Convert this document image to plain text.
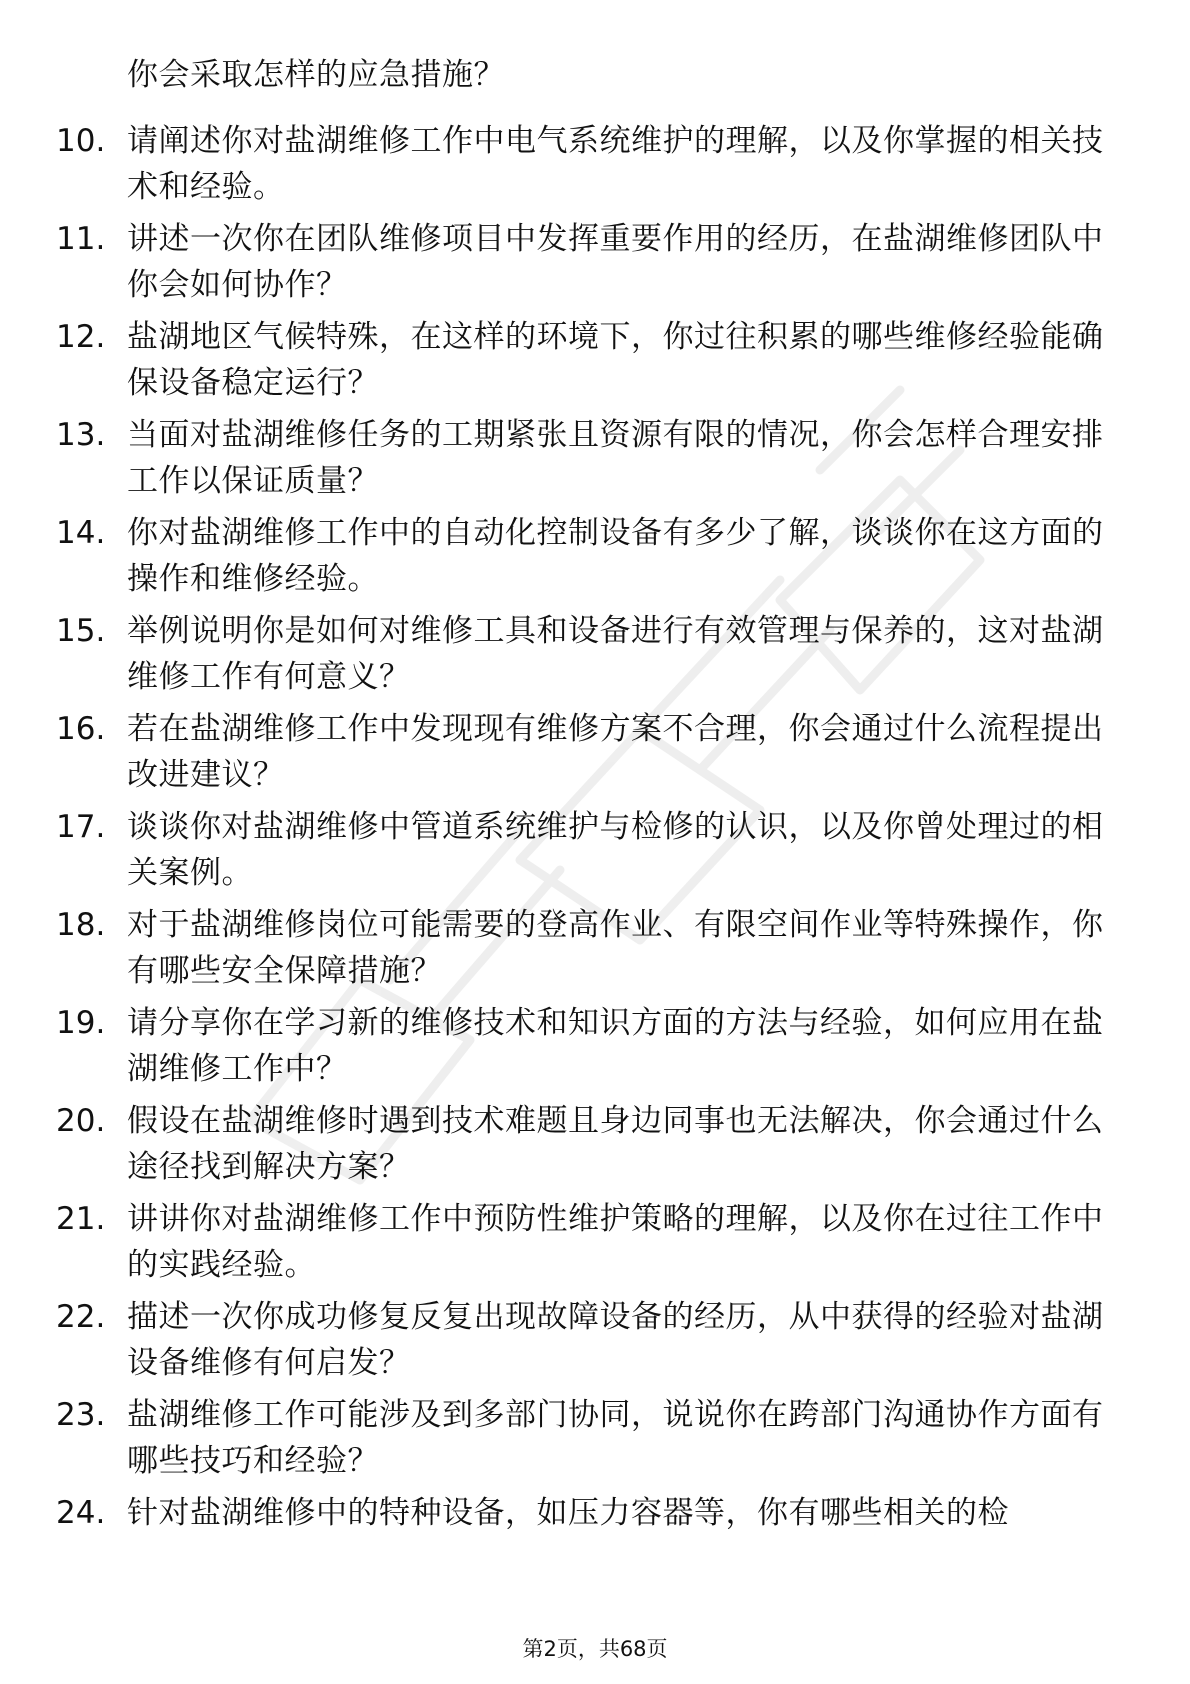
你会采取怎样的应急措施？
10. 请阐述你对盐湖维修工作中电气系统维护的理解，以及你掌握的相关技术和经验。
11. 讲述一次你在团队维修项目中发挥重要作用的经历，在盐湖维修团队中你会如何协作？
12. 盐湖地区气候特殊，在这样的环境下，你过往积累的哪些维修经验能确保设备稳定运行？
13. 当面对盐湖维修任务的工期紧张且资源有限的情况，你会怎样合理安排工作以保证质量？
14. 你对盐湖维修工作中的自动化控制设备有多少了解，谈谈你在这方面的操作和维修经验。
15. 举例说明你是如何对维修工具和设备进行有效管理与保养的，这对盐湖维修工作有何意义？
16. 若在盐湖维修工作中发现现有维修方案不合理，你会通过什么流程提出改进建议？
17. 谈谈你对盐湖维修中管道系统维护与检修的认识，以及你曾处理过的相关案例。
18. 对于盐湖维修岗位可能需要的登高作业、有限空间作业等特殊操作，你有哪些安全保障措施？
19. 请分享你在学习新的维修技术和知识方面的方法与经验，如何应用在盐湖维修工作中？
20. 假设在盐湖维修时遇到技术难题且身边同事也无法解决，你会通过什么途径找到解决方案？
21. 讲讲你对盐湖维修工作中预防性维护策略的理解，以及你在过往工作中的实践经验。
22. 描述一次你成功修复反复出现故障设备的经历，从中获得的经验对盐湖设备维修有何启发？
23. 盐湖维修工作可能涉及到多部门协同，说说你在跨部门沟通协作方面有哪些技巧和经验？
24. 针对盐湖维修中的特种设备，如压力容器等，你有哪些相关的检
第2页，共68页
